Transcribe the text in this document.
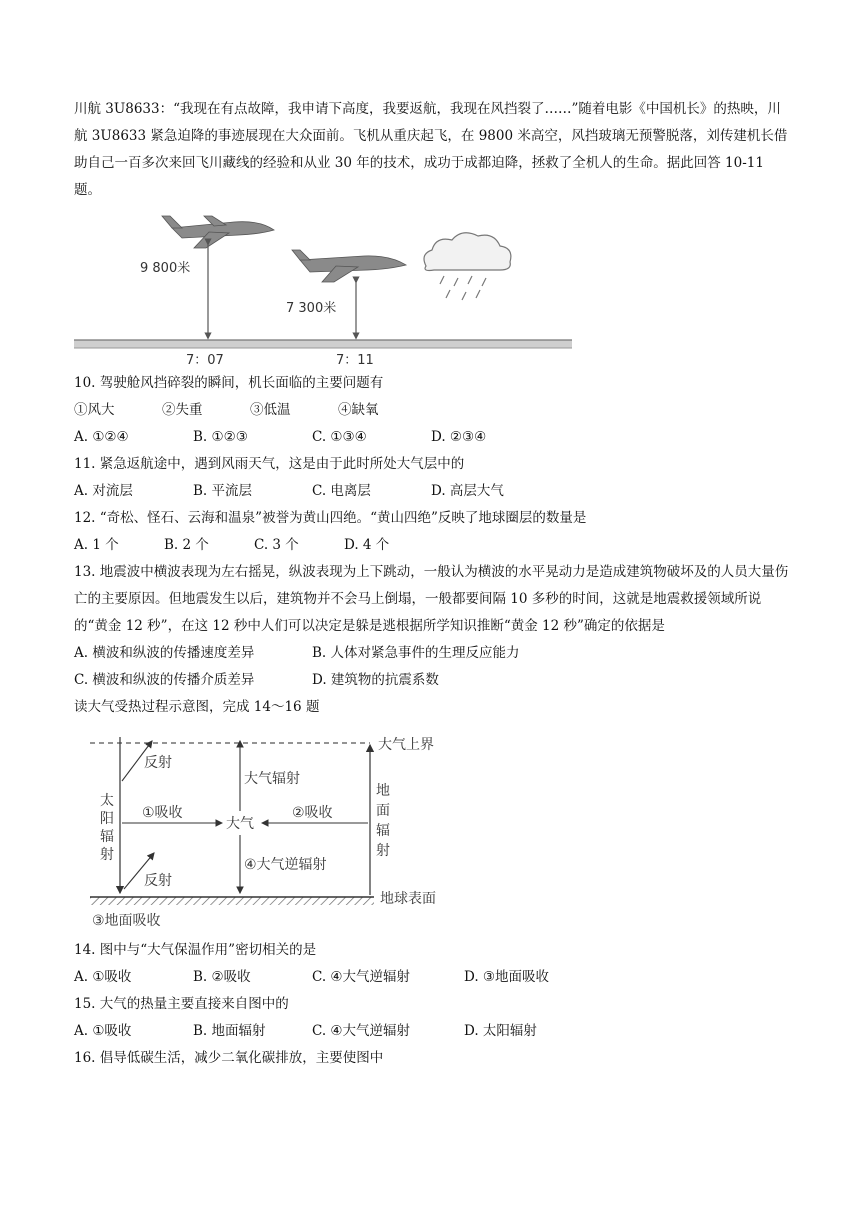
川航 3U8633：“我现在有点故障，我申请下高度，我要返航，我现在风挡裂了……”随着电影《中国机长》的热映，川航 3U8633 紧急迫降的事迹展现在大众面前。飞机从重庆起飞，在 9800 米高空，风挡玻璃无预警脱落，刘传建机长借助自己一百多次来回飞川藏线的经验和从业 30 年的技术，成功于成都迫降，拯救了全机人的生命。据此回答 10-11 题。

9 800米
7 300米
7：07	7：11

10. 驾驶舱风挡碎裂的瞬间，机长面临的主要问题有

①风大	②失重	③低温	④缺氧
A. ①②④	B. ①②③	C. ①③④	D. ②③④

11. 紧急返航途中，遇到风雨天气，这是由于此时所处大气层中的

A. 对流层	B. 平流层	C. 电离层	D. 高层大气

12. “奇松、怪石、云海和温泉”被誉为黄山四绝。“黄山四绝”反映了地球圈层的数量是

A. 1 个	B. 2 个	C. 3 个	D. 4 个

13. 地震波中横波表现为左右摇晃，纵波表现为上下跳动，一般认为横波的水平晃动力是造成建筑物破坏及的人员大量伤亡的主要原因。但地震发生以后，建筑物并不会马上倒塌，一般都要间隔 10 多秒的时间，这就是地震救援领域所说的“黄金 12 秒”，在这 12 秒中人们可以决定是躲是逃根据所学知识推断“黄金 12 秒”确定的依据是

A. 横波和纵波的传播速度差异	B. 人体对紧急事件的生理反应能力
C. 横波和纵波的传播介质差异	D. 建筑物的抗震系数

读大气受热过程示意图，完成 14～16 题

大气上界
地球表面
太
阳
辐
射
反射
反射
①吸收
大气
大气辐射
④大气逆辐射
地
面
辐
射
②吸收
③地面吸收

14. 图中与“大气保温作用”密切相关的是

A. ①吸收	B. ②吸收	C. ④大气逆辐射	D. ③地面吸收

15. 大气的热量主要直接来自图中的

A. ①吸收	B. 地面辐射	C. ④大气逆辐射	D. 太阳辐射

16. 倡导低碳生活，减少二氧化碳排放，主要使图中
